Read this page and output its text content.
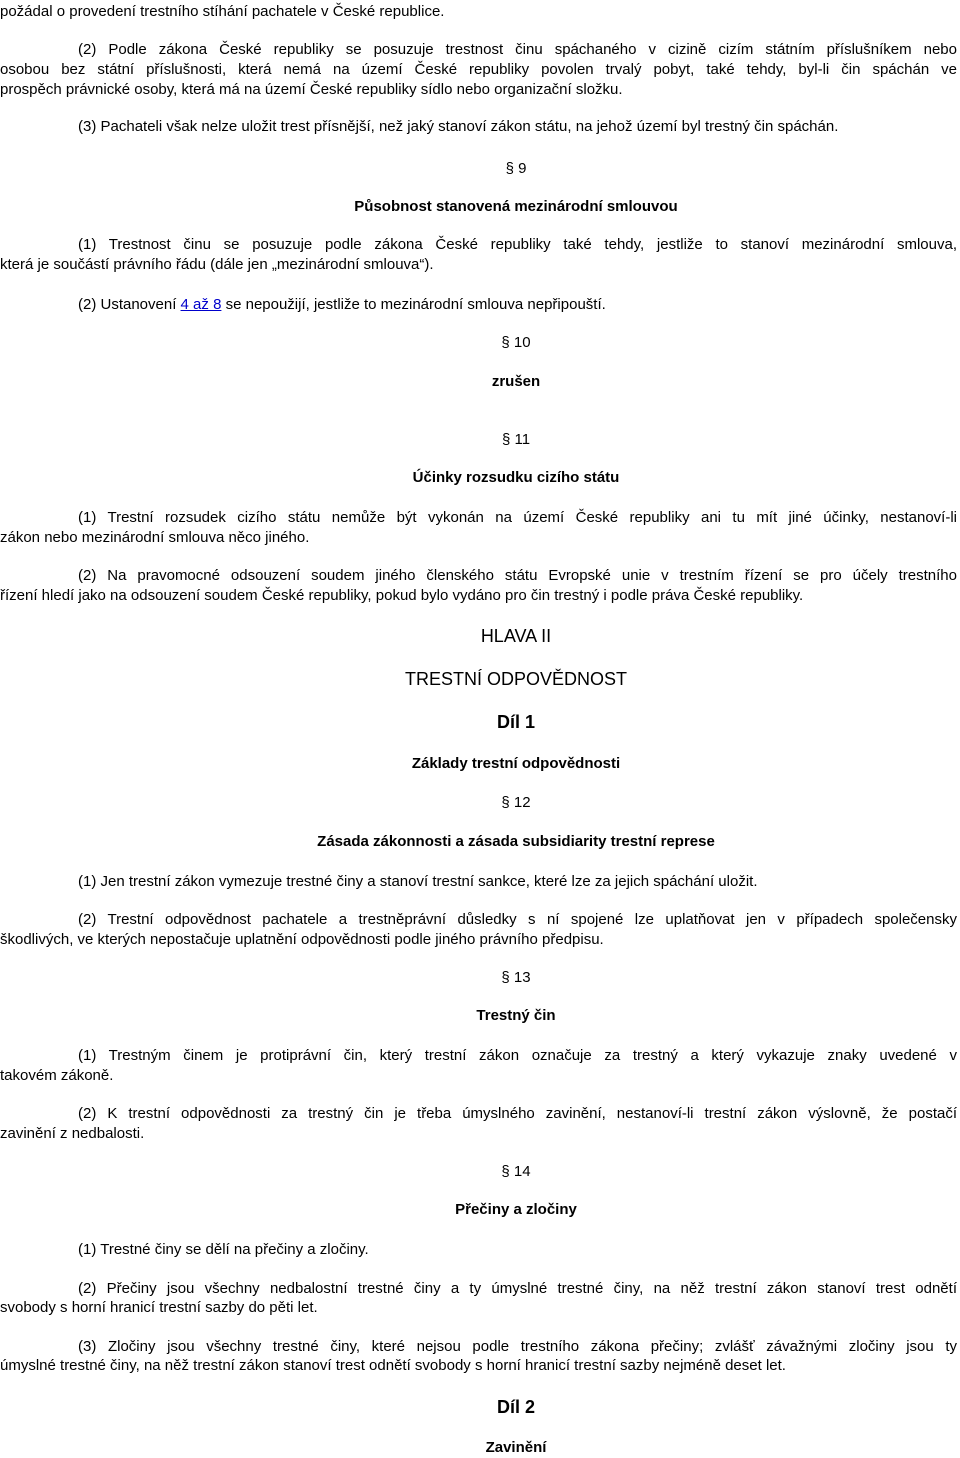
požádal o provedení trestního stíhání pachatele v České republice.
(2) Podle zákona České republiky se posuzuje trestnost činu spáchaného v cizině cizím státním příslušníkem nebo
osobou bez státní příslušnosti, která nemá na území České republiky povolen trvalý pobyt, také tehdy, byl-li čin spáchán ve
prospěch právnické osoby, která má na území České republiky sídlo nebo organizační složku.
(3) Pachateli však nelze uložit trest přísnější, než jaký stanoví zákon státu, na jehož území byl trestný čin spáchán.
§ 9
Působnost stanovená mezinárodní smlouvou
(1) Trestnost činu se posuzuje podle zákona České republiky také tehdy, jestliže to stanoví mezinárodní smlouva,
která je součástí právního řádu (dále jen „mezinárodní smlouva“).
(2) Ustanovení 4 až 8 se nepoužijí, jestliže to mezinárodní smlouva nepřipouští.
§ 10
zrušen
§ 11
Účinky rozsudku cizího státu
(1) Trestní rozsudek cizího státu nemůže být vykonán na území České republiky ani tu mít jiné účinky, nestanoví-li
zákon nebo mezinárodní smlouva něco jiného.
(2) Na pravomocné odsouzení soudem jiného členského státu Evropské unie v trestním řízení se pro účely trestního
řízení hledí jako na odsouzení soudem České republiky, pokud bylo vydáno pro čin trestný i podle práva České republiky.
HLAVA II
TRESTNÍ ODPOVĚDNOST
Díl 1
Základy trestní odpovědnosti
§ 12
Zásada zákonnosti a zásada subsidiarity trestní represe
(1) Jen trestní zákon vymezuje trestné činy a stanoví trestní sankce, které lze za jejich spáchání uložit.
(2) Trestní odpovědnost pachatele a trestněprávní důsledky s ní spojené lze uplatňovat jen v případech společensky
škodlivých, ve kterých nepostačuje uplatnění odpovědnosti podle jiného právního předpisu.
§ 13
Trestný čin
(1) Trestným činem je protiprávní čin, který trestní zákon označuje za trestný a který vykazuje znaky uvedené v
takovém zákoně.
(2) K trestní odpovědnosti za trestný čin je třeba úmyslného zavinění, nestanoví-li trestní zákon výslovně, že postačí
zavinění z nedbalosti.
§ 14
Přečiny a zločiny
(1) Trestné činy se dělí na přečiny a zločiny.
(2) Přečiny jsou všechny nedbalostní trestné činy a ty úmyslné trestné činy, na něž trestní zákon stanoví trest odnětí
svobody s horní hranicí trestní sazby do pěti let.
(3) Zločiny jsou všechny trestné činy, které nejsou podle trestního zákona přečiny; zvlášť závažnými zločiny jsou ty
úmyslné trestné činy, na něž trestní zákon stanoví trest odnětí svobody s horní hranicí trestní sazby nejméně deset let.
Díl 2
Zavinění
